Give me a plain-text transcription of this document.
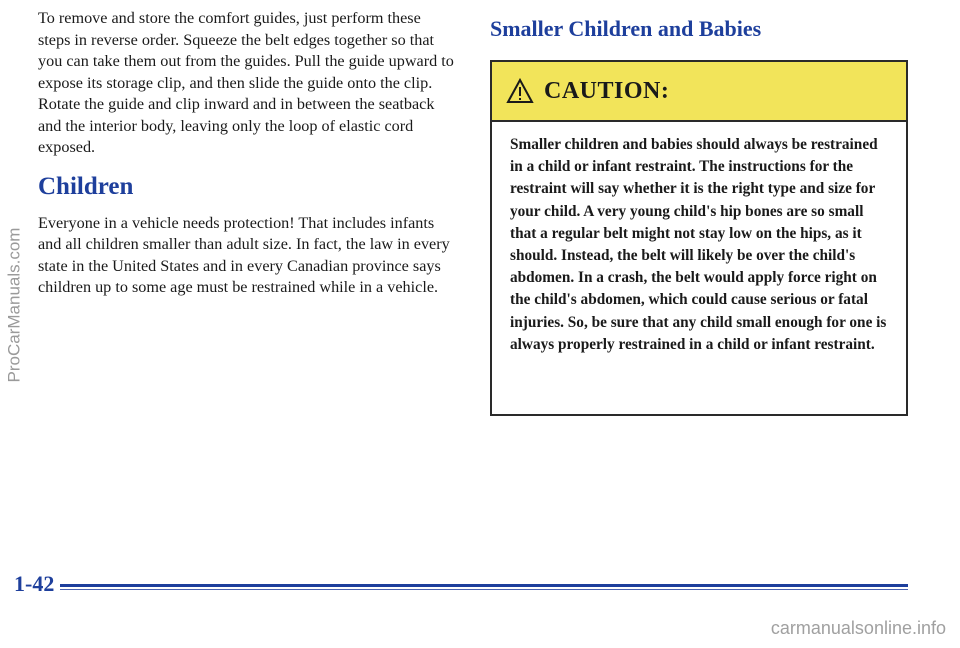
To remove and store the comfort guides, just perform these steps in reverse order. Squeeze the belt edges together so that you can take them out from the guides. Pull the guide upward to expose its storage clip, and then slide the guide onto the clip. Rotate the guide and clip inward and in between the seatback and the interior body, leaving only the loop of elastic cord exposed.

Children

Everyone in a vehicle needs protection! That includes infants and all children smaller than adult size. In fact, the law in every state in the United States and in every Canadian province says children up to some age must be restrained while in a vehicle.

Smaller Children and Babies
CAUTION:
Smaller children and babies should always be restrained in a child or infant restraint. The instructions for the restraint will say whether it is the right type and size for your child. A very young child's hip bones are so small that a regular belt might not stay low on the hips, as it should. Instead, the belt will likely be over the child's abdomen. In a crash, the belt would apply force right on the child's abdomen, which could cause serious or fatal injuries. So, be sure that any child small enough for one is always properly restrained in a child or infant restraint.
ProCarManuals.com
1-42
carmanualsonline.info
